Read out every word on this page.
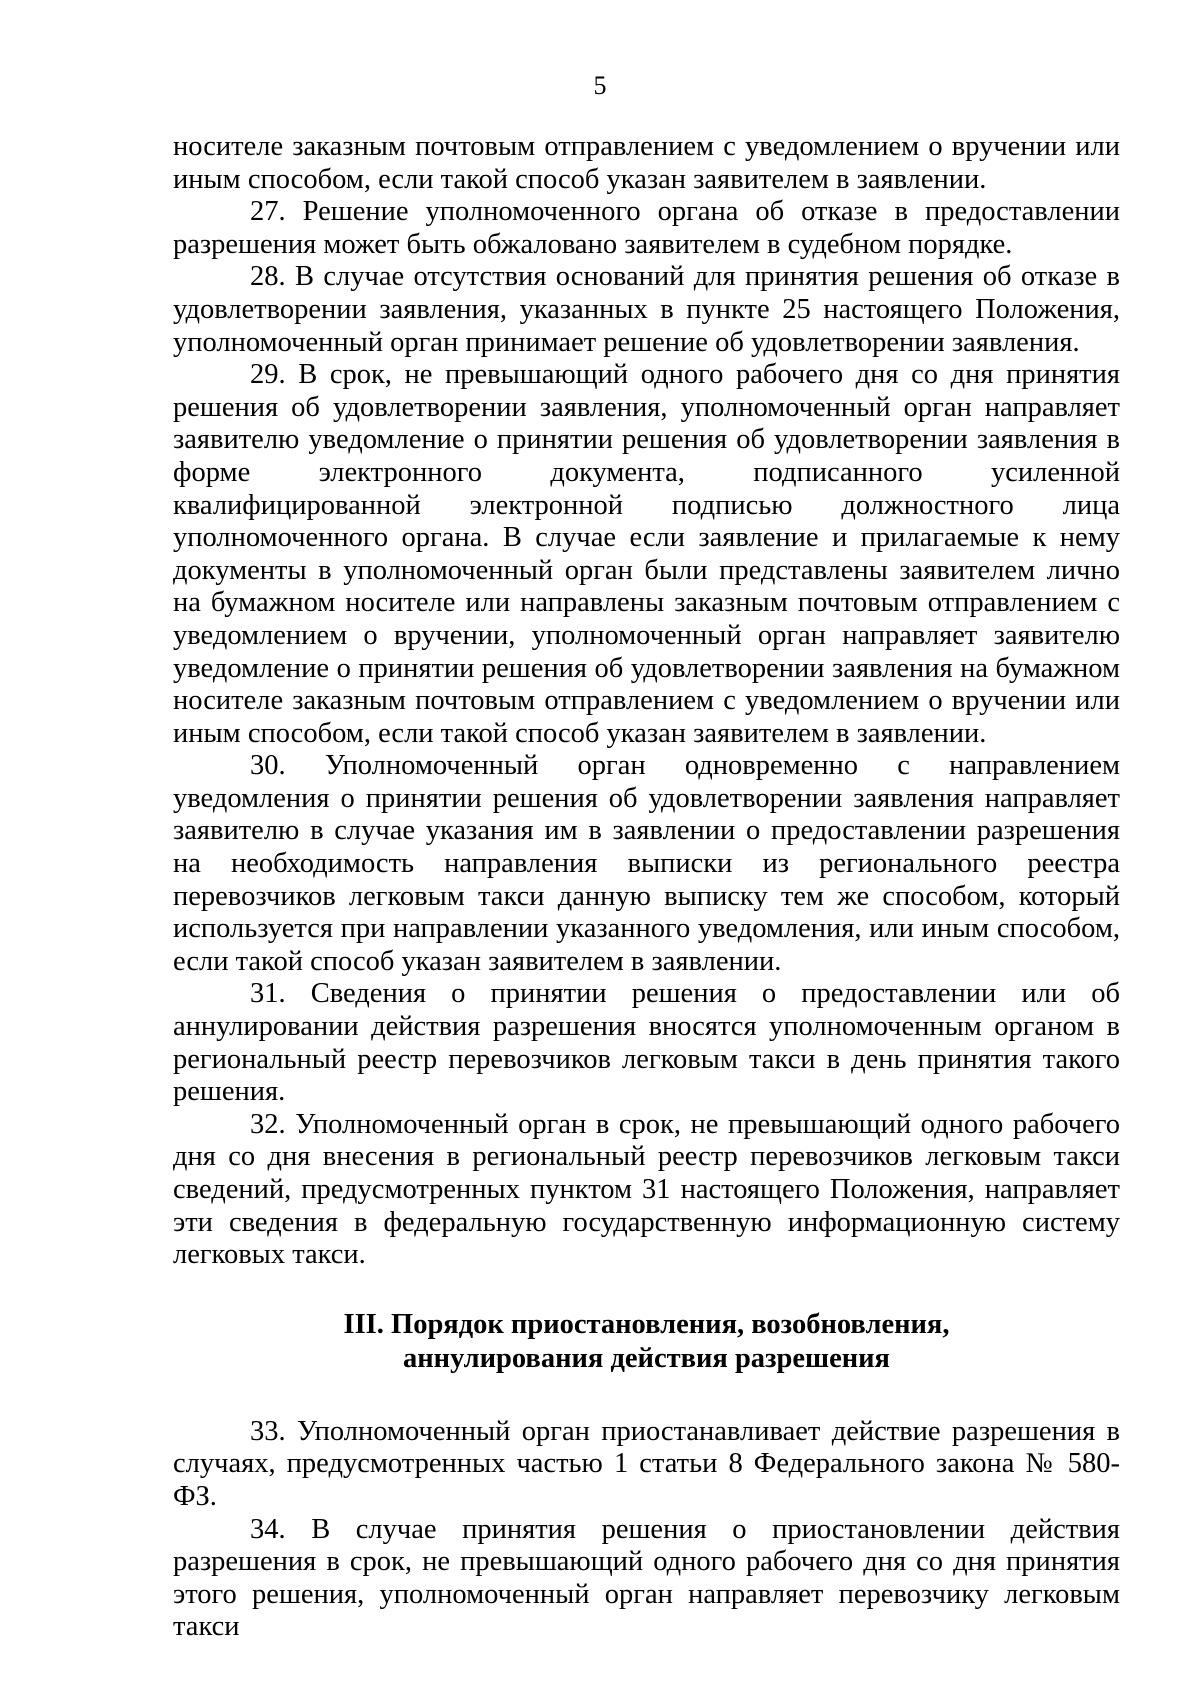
5

носителе заказным почтовым отправлением с уведомлением о вручении или иным способом, если такой способ указан заявителем в заявлении.

27. Решение уполномоченного органа об отказе в предоставлении разрешения может быть обжаловано заявителем в судебном порядке.

28. В случае отсутствия оснований для принятия решения об отказе в удовлетворении заявления, указанных в пункте 25 настоящего Положения, уполномоченный орган принимает решение об удовлетворении заявления.

29. В срок, не превышающий одного рабочего дня со дня принятия решения об удовлетворении заявления, уполномоченный орган направляет заявителю уведомление о принятии решения об удовлетворении заявления в форме электронного документа, подписанного усиленной квалифицированной электронной подписью должностного лица уполномоченного органа. В случае если заявление и прилагаемые к нему документы в уполномоченный орган были представлены заявителем лично на бумажном носителе или направлены заказным почтовым отправлением с уведомлением о вручении, уполномоченный орган направляет заявителю уведомление о принятии решения об удовлетворении заявления на бумажном носителе заказным почтовым отправлением с уведомлением о вручении или иным способом, если такой способ указан заявителем в заявлении.

30. Уполномоченный орган одновременно с направлением уведомления о принятии решения об удовлетворении заявления направляет заявителю в случае указания им в заявлении о предоставлении разрешения на необходимость направления выписки из регионального реестра перевозчиков легковым такси данную выписку тем же способом, который используется при направлении указанного уведомления, или иным способом, если такой способ указан заявителем в заявлении.

31. Сведения о принятии решения о предоставлении или об аннулировании действия разрешения вносятся уполномоченным органом в региональный реестр перевозчиков легковым такси в день принятия такого решения.

32. Уполномоченный орган в срок, не превышающий одного рабочего дня со дня внесения в региональный реестр перевозчиков легковым такси сведений, предусмотренных пунктом 31 настоящего Положения, направляет эти сведения в федеральную государственную информационную систему легковых такси.

III. Порядок приостановления, возобновления,
аннулирования действия разрешения

33. Уполномоченный орган приостанавливает действие разрешения в случаях, предусмотренных частью 1 статьи 8 Федерального закона № 580-ФЗ.

34. В случае принятия решения о приостановлении действия разрешения в срок, не превышающий одного рабочего дня со дня принятия этого решения, уполномоченный орган направляет перевозчику легковым такси
